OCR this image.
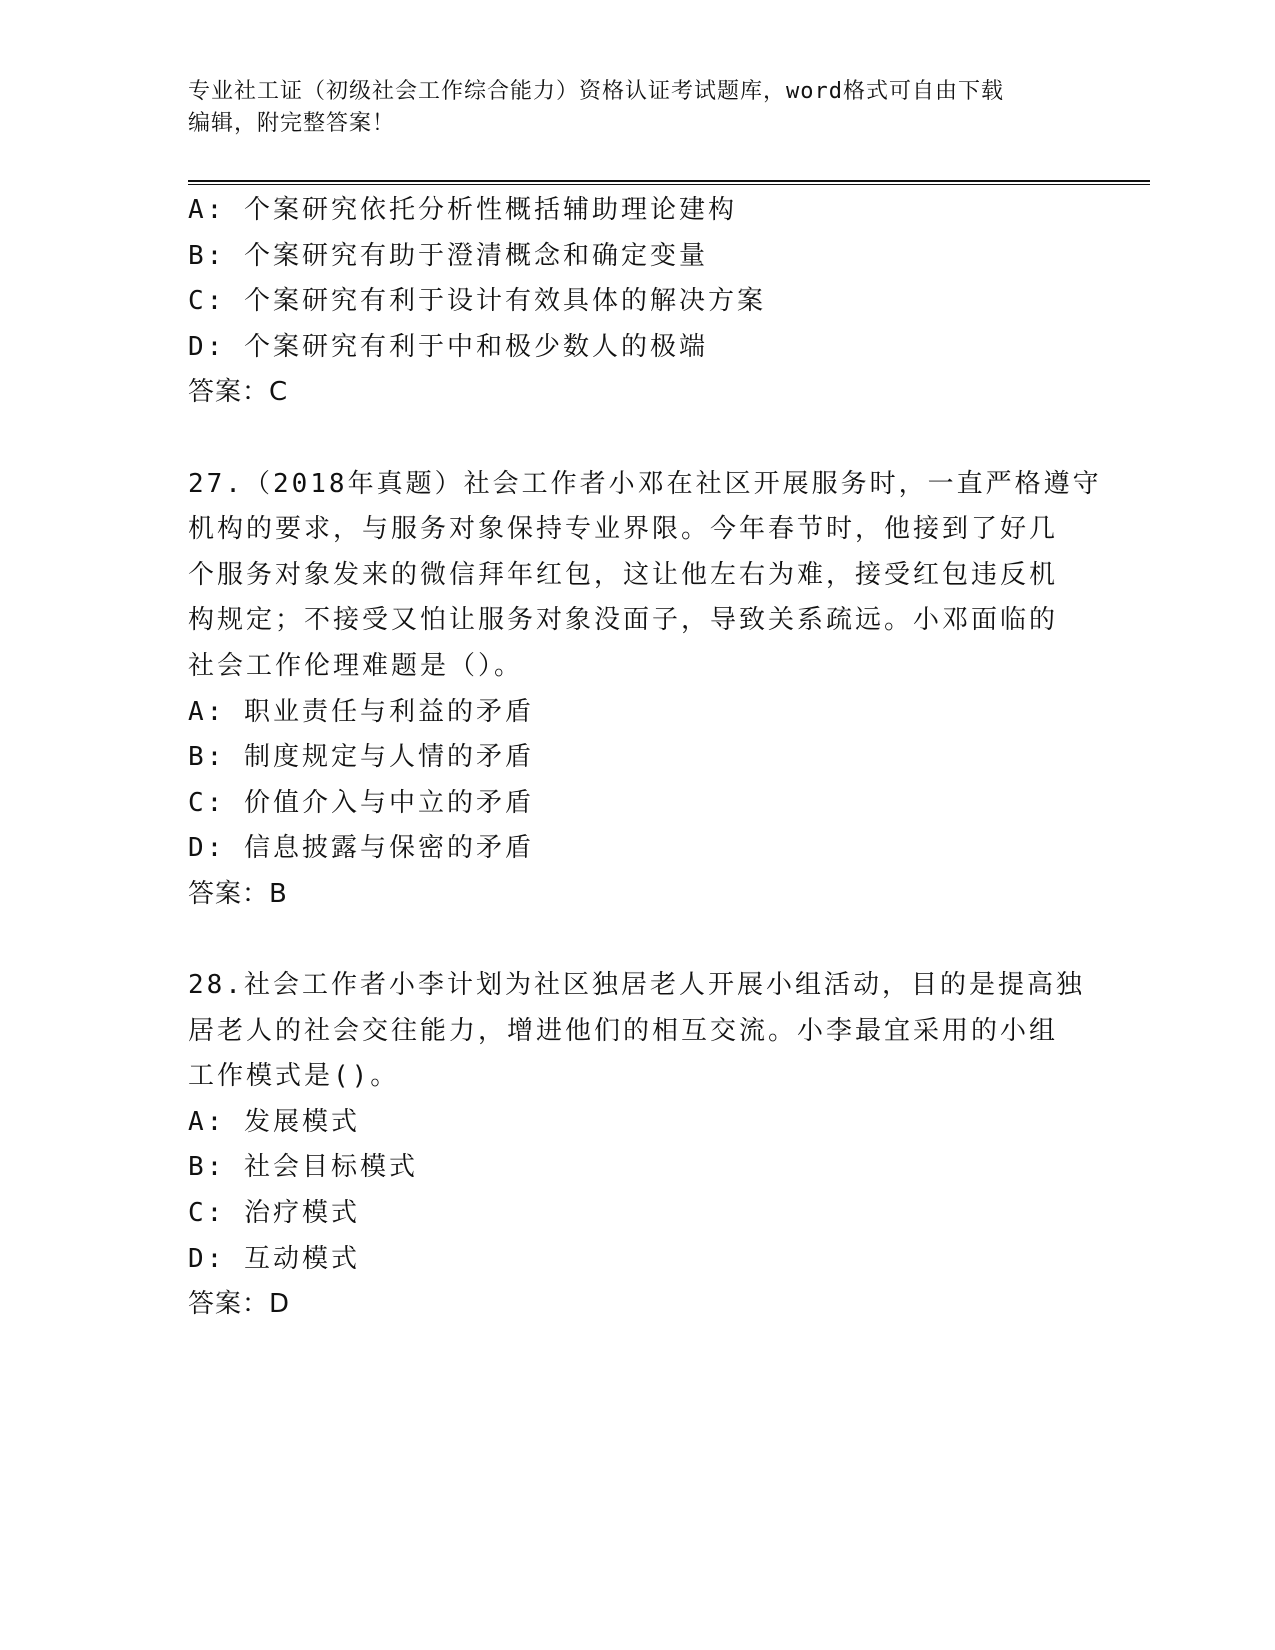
专业社工证（初级社会工作综合能力）资格认证考试题库，word格式可自由下载
编辑，附完整答案！
A: 个案研究依托分析性概括辅助理论建构
B: 个案研究有助于澄清概念和确定变量
C: 个案研究有利于设计有效具体的解决方案
D: 个案研究有利于中和极少数人的极端
答案：C
27.（2018年真题）社会工作者小邓在社区开展服务时，一直严格遵守
机构的要求，与服务对象保持专业界限。今年春节时，他接到了好几
个服务对象发来的微信拜年红包，这让他左右为难，接受红包违反机
构规定；不接受又怕让服务对象没面子，导致关系疏远。小邓面临的
社会工作伦理难题是（）。
A: 职业责任与利益的矛盾
B: 制度规定与人情的矛盾
C: 价值介入与中立的矛盾
D: 信息披露与保密的矛盾
答案：B
28.社会工作者小李计划为社区独居老人开展小组活动，目的是提高独
居老人的社会交往能力，增进他们的相互交流。小李最宜采用的小组
工作模式是()。
A: 发展模式
B: 社会目标模式
C: 治疗模式
D: 互动模式
答案：D
